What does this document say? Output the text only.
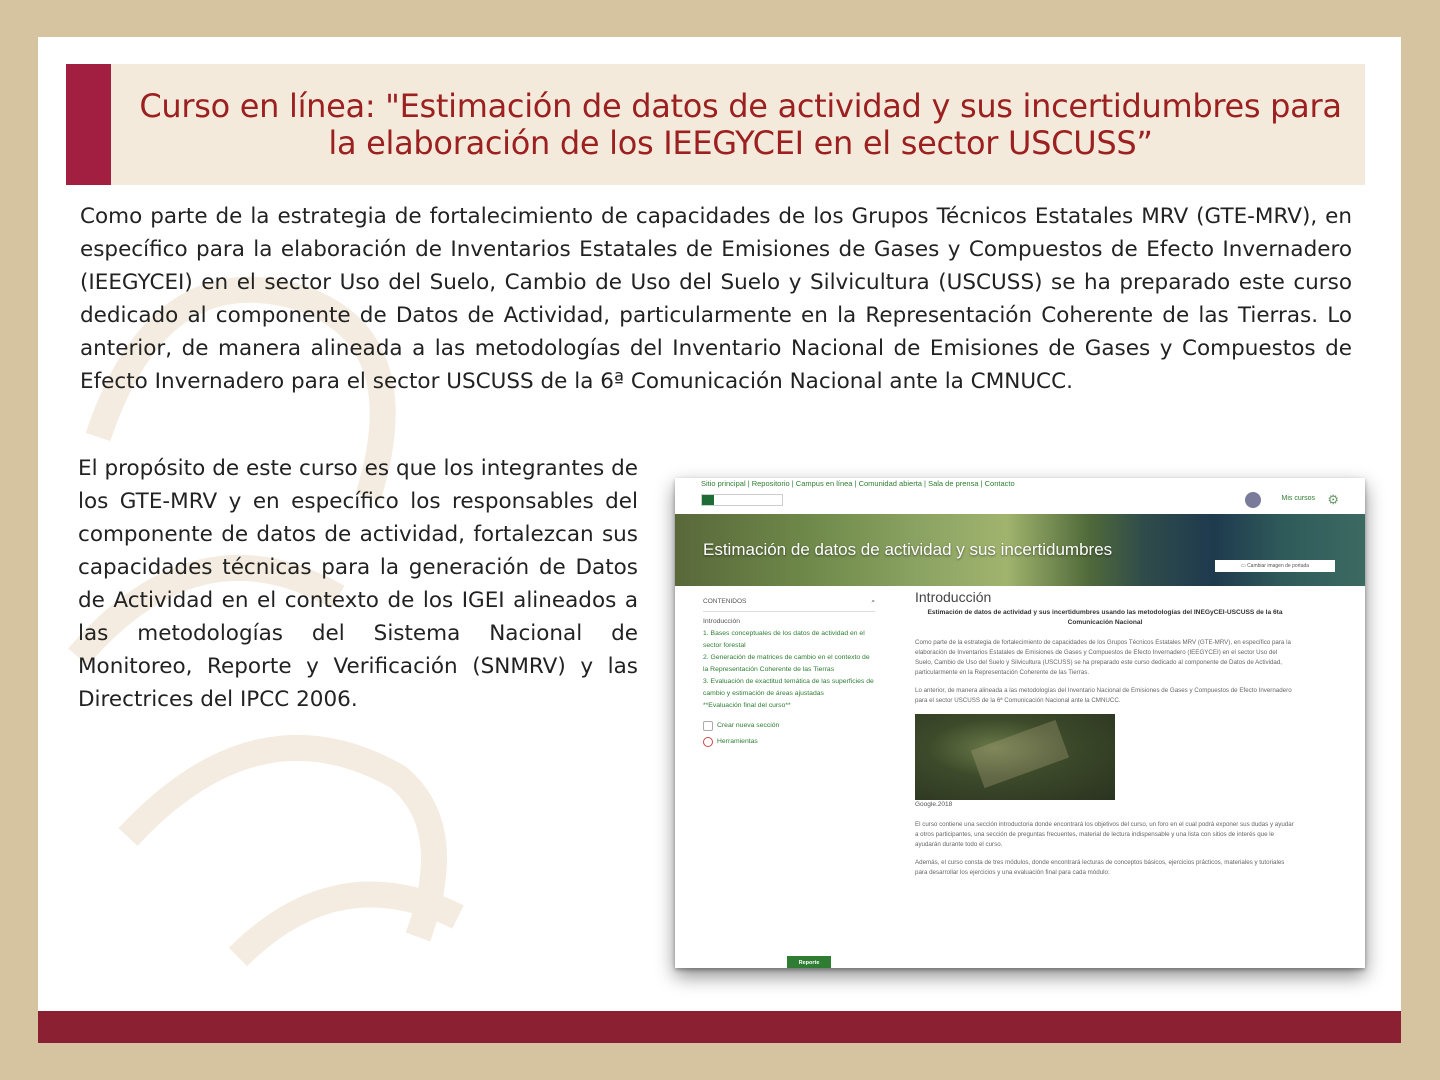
Curso en línea: "Estimación de datos de actividad y sus incertidumbres para la elaboración de los IEEGYCEI en el sector USCUSS”

Como parte de la estrategia de fortalecimiento de capacidades de los Grupos Técnicos Estatales MRV (GTE-MRV), en específico para la elaboración de Inventarios Estatales de Emisiones de Gases y Compuestos de Efecto Invernadero (IEEGYCEI) en el sector Uso del Suelo, Cambio de Uso del Suelo y Silvicultura (USCUSS) se ha preparado este curso dedicado al componente de Datos de Actividad, particularmente en la Representación Coherente de las Tierras. Lo anterior, de manera alineada a las metodologías del Inventario Nacional de Emisiones de Gases y Compuestos de Efecto Invernadero para el sector USCUSS de la 6ª Comunicación Nacional ante la CMNUCC.

El propósito de este curso es que los integrantes de los GTE-MRV y en específico los responsables del componente de datos de actividad, fortalezcan sus capacidades técnicas para la generación de Datos de Actividad en el contexto de los IGEI alineados a las metodologías del Sistema Nacional de Monitoreo, Reporte y Verificación (SNMRV) y las Directrices del IPCC 2006.

Sitio principal | Repositorio | Campus en línea | Comunidad abierta | Sala de prensa | Contacto
Mis cursos ⚙
Estimación de datos de actividad y sus incertidumbres
▭ Cambiar imagen de portada
CONTENIDOS	⌕
Introducción
1. Bases conceptuales de los datos de actividad en el sector forestal
2. Generación de matrices de cambio en el contexto de la Representación Coherente de las Tierras
3. Evaluación de exactitud temática de las superficies de cambio y estimación de áreas ajustadas
**Evaluación final del curso**
Crear nueva sección
Herramientas
Introducción
Estimación de datos de actividad y sus incertidumbres usando las metodologías del INEGyCEI-USCUSS de la 6ta Comunicación Nacional

Como parte de la estrategia de fortalecimiento de capacidades de los Grupos Técnicos Estatales MRV (GTE-MRV), en específico para la elaboración de Inventarios Estatales de Emisiones de Gases y Compuestos de Efecto Invernadero (IEEGYCEI) en el sector Uso del Suelo, Cambio de Uso del Suelo y Silvicultura (USCUSS) se ha preparado este curso dedicado al componente de Datos de Actividad, particularmente en la Representación Coherente de las Tierras.

Lo anterior, de manera alineada a las metodologías del Inventario Nacional de Emisiones de Gases y Compuestos de Efecto Invernadero para el sector USCUSS de la 6ª Comunicación Nacional ante la CMNUCC.

Google.2018

El curso contiene una sección introductoria donde encontrará los objetivos del curso, un foro en el cual podrá exponer sus dudas y ayudar a otros participantes, una sección de preguntas frecuentes, material de lectura indispensable y una lista con sitios de interés que le ayudarán durante todo el curso.

Además, el curso consta de tres módulos, donde encontrará lecturas de conceptos básicos, ejercicios prácticos, materiales y tutoriales para desarrollar los ejercicios y una evaluación final para cada módulo:

Reporte
